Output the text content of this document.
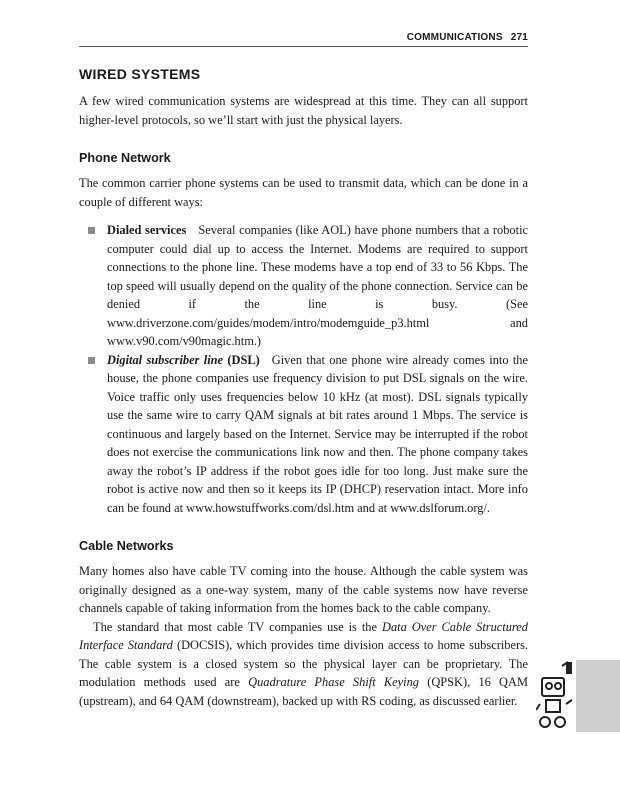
COMMUNICATIONS 271
WIRED SYSTEMS

A few wired communication systems are widespread at this time. They can all support higher-level protocols, so we’ll start with just the physical layers.

Phone Network

The common carrier phone systems can be used to transmit data, which can be done in a couple of different ways:

Dialed services Several companies (like AOL) have phone numbers that a robotic computer could dial up to access the Internet. Modems are required to support connections to the phone line. These modems have a top end of 33 to 56 Kbps. The top speed will usually depend on the quality of the phone connection. Service can be denied if the line is busy. (See www.driverzone.com/guides/modem/intro/modemguide_p3.html and www.v90.com/v90magic.htm.)
Digital subscriber line (DSL) Given that one phone wire already comes into the house, the phone companies use frequency division to put DSL signals on the wire. Voice traffic only uses frequencies below 10 kHz (at most). DSL signals typically use the same wire to carry QAM signals at bit rates around 1 Mbps. The service is continuous and largely based on the Internet. Service may be interrupted if the robot does not exercise the communications link now and then. The phone company takes away the robot’s IP address if the robot goes idle for too long. Just make sure the robot is active now and then so it keeps its IP (DHCP) reservation intact. More info can be found at www.howstuffworks.com/dsl.htm and at www.dslforum.org/.
Cable Networks

Many homes also have cable TV coming into the house. Although the cable system was originally designed as a one-way system, many of the cable systems now have reverse channels capable of taking information from the homes back to the cable company.

The standard that most cable TV companies use is the Data Over Cable Structured Interface Standard (DOCSIS), which provides time division access to home subscribers. The cable system is a closed system so the physical layer can be proprietary. The modulation methods used are Quadrature Phase Shift Keying (QPSK), 16 QAM (upstream), and 64 QAM (downstream), backed up with RS coding, as discussed earlier.
